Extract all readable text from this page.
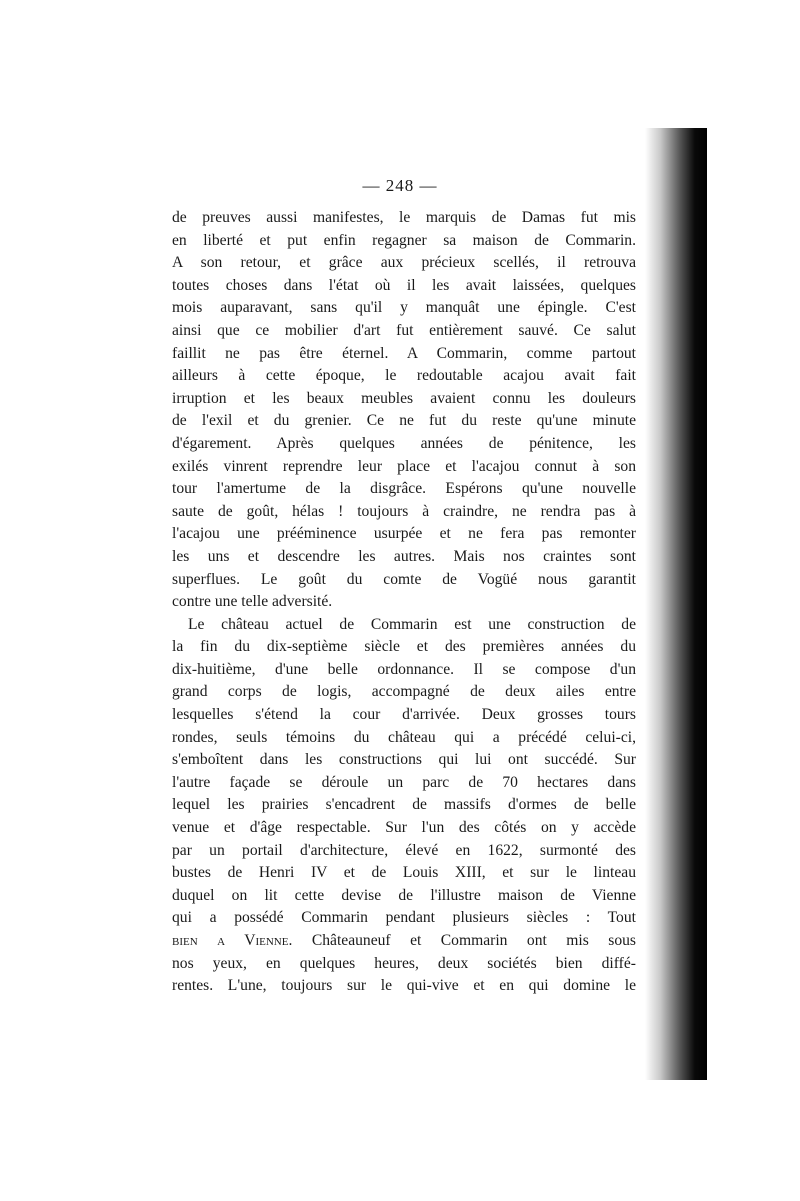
— 248 —
de preuves aussi manifestes, le marquis de Damas fut mis
en liberté et put enfin regagner sa maison de Commarin.
A son retour, et grâce aux précieux scellés, il retrouva
toutes choses dans l'état où il les avait laissées, quelques
mois auparavant, sans qu'il y manquât une épingle. C'est
ainsi que ce mobilier d'art fut entièrement sauvé. Ce salut
faillit ne pas être éternel. A Commarin, comme partout
ailleurs à cette époque, le redoutable acajou avait fait
irruption et les beaux meubles avaient connu les douleurs
de l'exil et du grenier. Ce ne fut du reste qu'une minute
d'égarement. Après quelques années de pénitence, les
exilés vinrent reprendre leur place et l'acajou connut à son
tour l'amertume de la disgrâce. Espérons qu'une nouvelle
saute de goût, hélas ! toujours à craindre, ne rendra pas à
l'acajou une prééminence usurpée et ne fera pas remonter
les uns et descendre les autres. Mais nos craintes sont
superflues. Le goût du comte de Vogüé nous garantit
contre une telle adversité.
Le château actuel de Commarin est une construction de
la fin du dix-septième siècle et des premières années du
dix-huitième, d'une belle ordonnance. Il se compose d'un
grand corps de logis, accompagné de deux ailes entre
lesquelles s'étend la cour d'arrivée. Deux grosses tours
rondes, seuls témoins du château qui a précédé celui-ci,
s'emboîtent dans les constructions qui lui ont succédé. Sur
l'autre façade se déroule un parc de 70 hectares dans
lequel les prairies s'encadrent de massifs d'ormes de belle
venue et d'âge respectable. Sur l'un des côtés on y accède
par un portail d'architecture, élevé en 1622, surmonté des
bustes de Henri IV et de Louis XIII, et sur le linteau
duquel on lit cette devise de l'illustre maison de Vienne
qui a possédé Commarin pendant plusieurs siècles : Tout
bien a Vienne. Châteauneuf et Commarin ont mis sous
nos yeux, en quelques heures, deux sociétés bien diffé-
rentes. L'une, toujours sur le qui-vive et en qui domine le
